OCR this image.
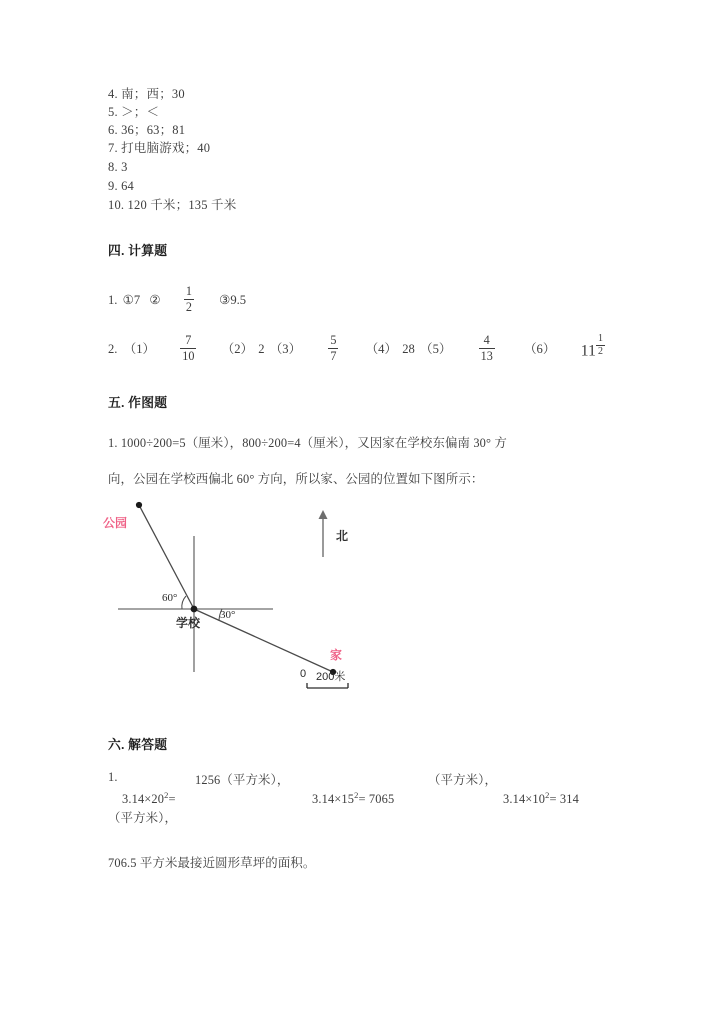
4. 南；西；30
5. ＞；＜
6. 36；63；81
7. 打电脑游戏；40
8. 3
9. 64
10. 120 千米；135 千米
四. 计算题
1. ①7 ② $\frac{1}{2}$ ③9.5
2. $(1) \frac{7}{10} (2)$ 2 $(3) \frac{5}{7} (4)$ 28 $(5) \frac{4}{13} (6)$ $11 \frac{1}{2}$
五. 作图题
1. 1000÷200=5（厘米），800÷200=4（厘米），又因家在学校东偏南 30° 方
向，公园在学校西偏北 60° 方向，所以家、公园的位置如下图所示：
公园
学校
家
北
60°
30°
0 200米
六. 解答题
1.	1256（平方米），	（平方米），
$3.14\times 20^2=$	$3.14\times 15^2= 7065$	$3.14\times 10^2= 314$
（平方米），
706.5 平方米最接近圆形草坪的面积。
